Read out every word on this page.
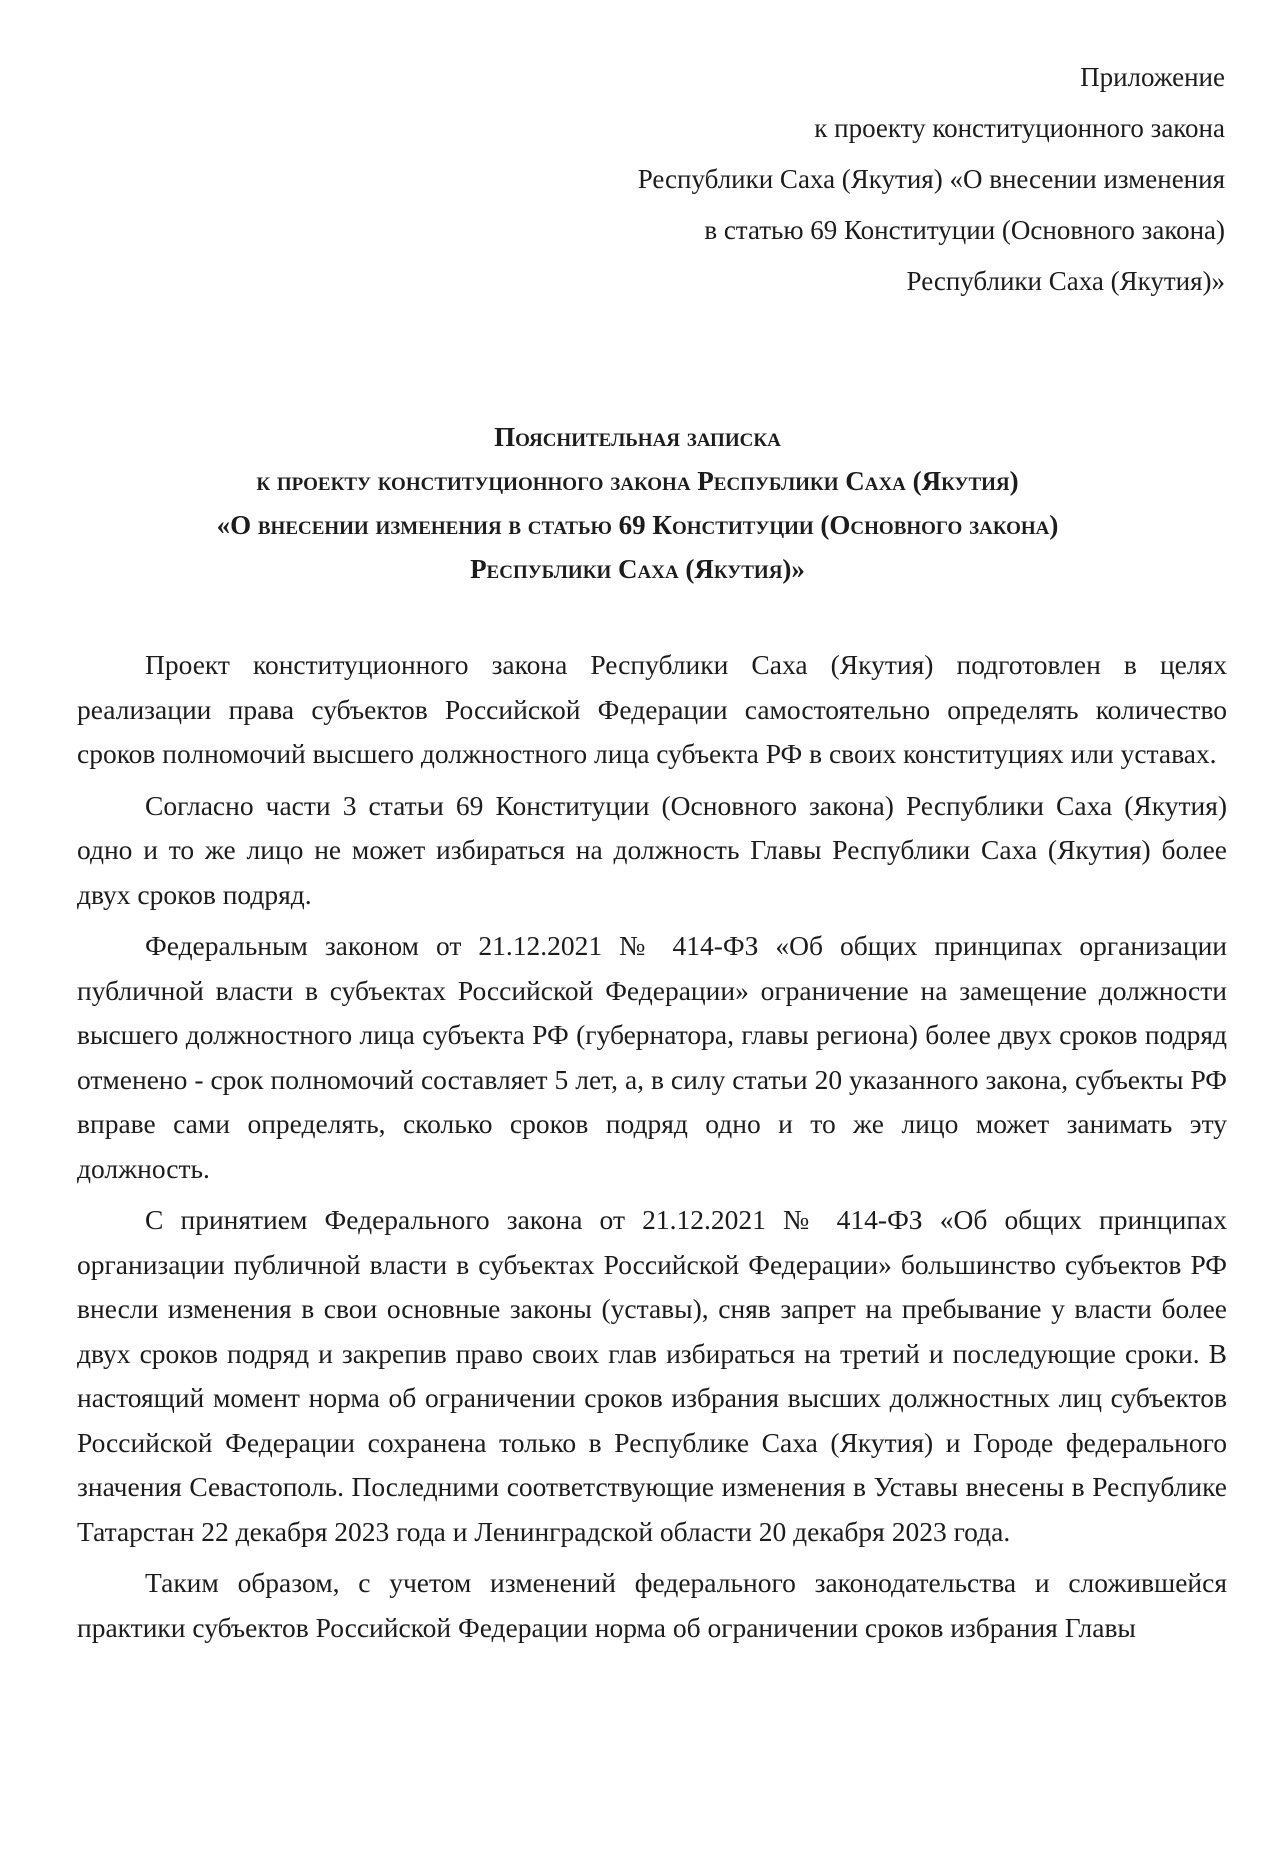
Приложение
к проекту конституционного закона
Республики Саха (Якутия) «О внесении изменения
в статью 69 Конституции (Основного закона)
Республики Саха (Якутия)»
Пояснительная записка
к проекту конституционного закона Республики Саха (Якутия)
«О внесении изменения в статью 69 Конституции (Основного закона)
Республики Саха (Якутия)»

Проект конституционного закона Республики Саха (Якутия) подготовлен в целях реализации права субъектов Российской Федерации самостоятельно определять количество сроков полномочий высшего должностного лица субъекта РФ в своих конституциях или уставах.

Согласно части 3 статьи 69 Конституции (Основного закона) Республики Саха (Якутия) одно и то же лицо не может избираться на должность Главы Республики Саха (Якутия) более двух сроков подряд.

Федеральным законом от 21.12.2021 № 414-ФЗ «Об общих принципах организации публичной власти в субъектах Российской Федерации» ограничение на замещение должности высшего должностного лица субъекта РФ (губернатора, главы региона) более двух сроков подряд отменено - срок полномочий составляет 5 лет, а, в силу статьи 20 указанного закона, субъекты РФ вправе сами определять, сколько сроков подряд одно и то же лицо может занимать эту должность.

С принятием Федерального закона от 21.12.2021 № 414-ФЗ «Об общих принципах организации публичной власти в субъектах Российской Федерации» большинство субъектов РФ внесли изменения в свои основные законы (уставы), сняв запрет на пребывание у власти более двух сроков подряд и закрепив право своих глав избираться на третий и последующие сроки. В настоящий момент норма об ограничении сроков избрания высших должностных лиц субъектов Российской Федерации сохранена только в Республике Саха (Якутия) и Городе федерального значения Севастополь. Последними соответствующие изменения в Уставы внесены в Республике Татарстан 22 декабря 2023 года и Ленинградской области 20 декабря 2023 года.

Таким образом, с учетом изменений федерального законодательства и сложившейся практики субъектов Российской Федерации норма об ограничении сроков избрания Главы
